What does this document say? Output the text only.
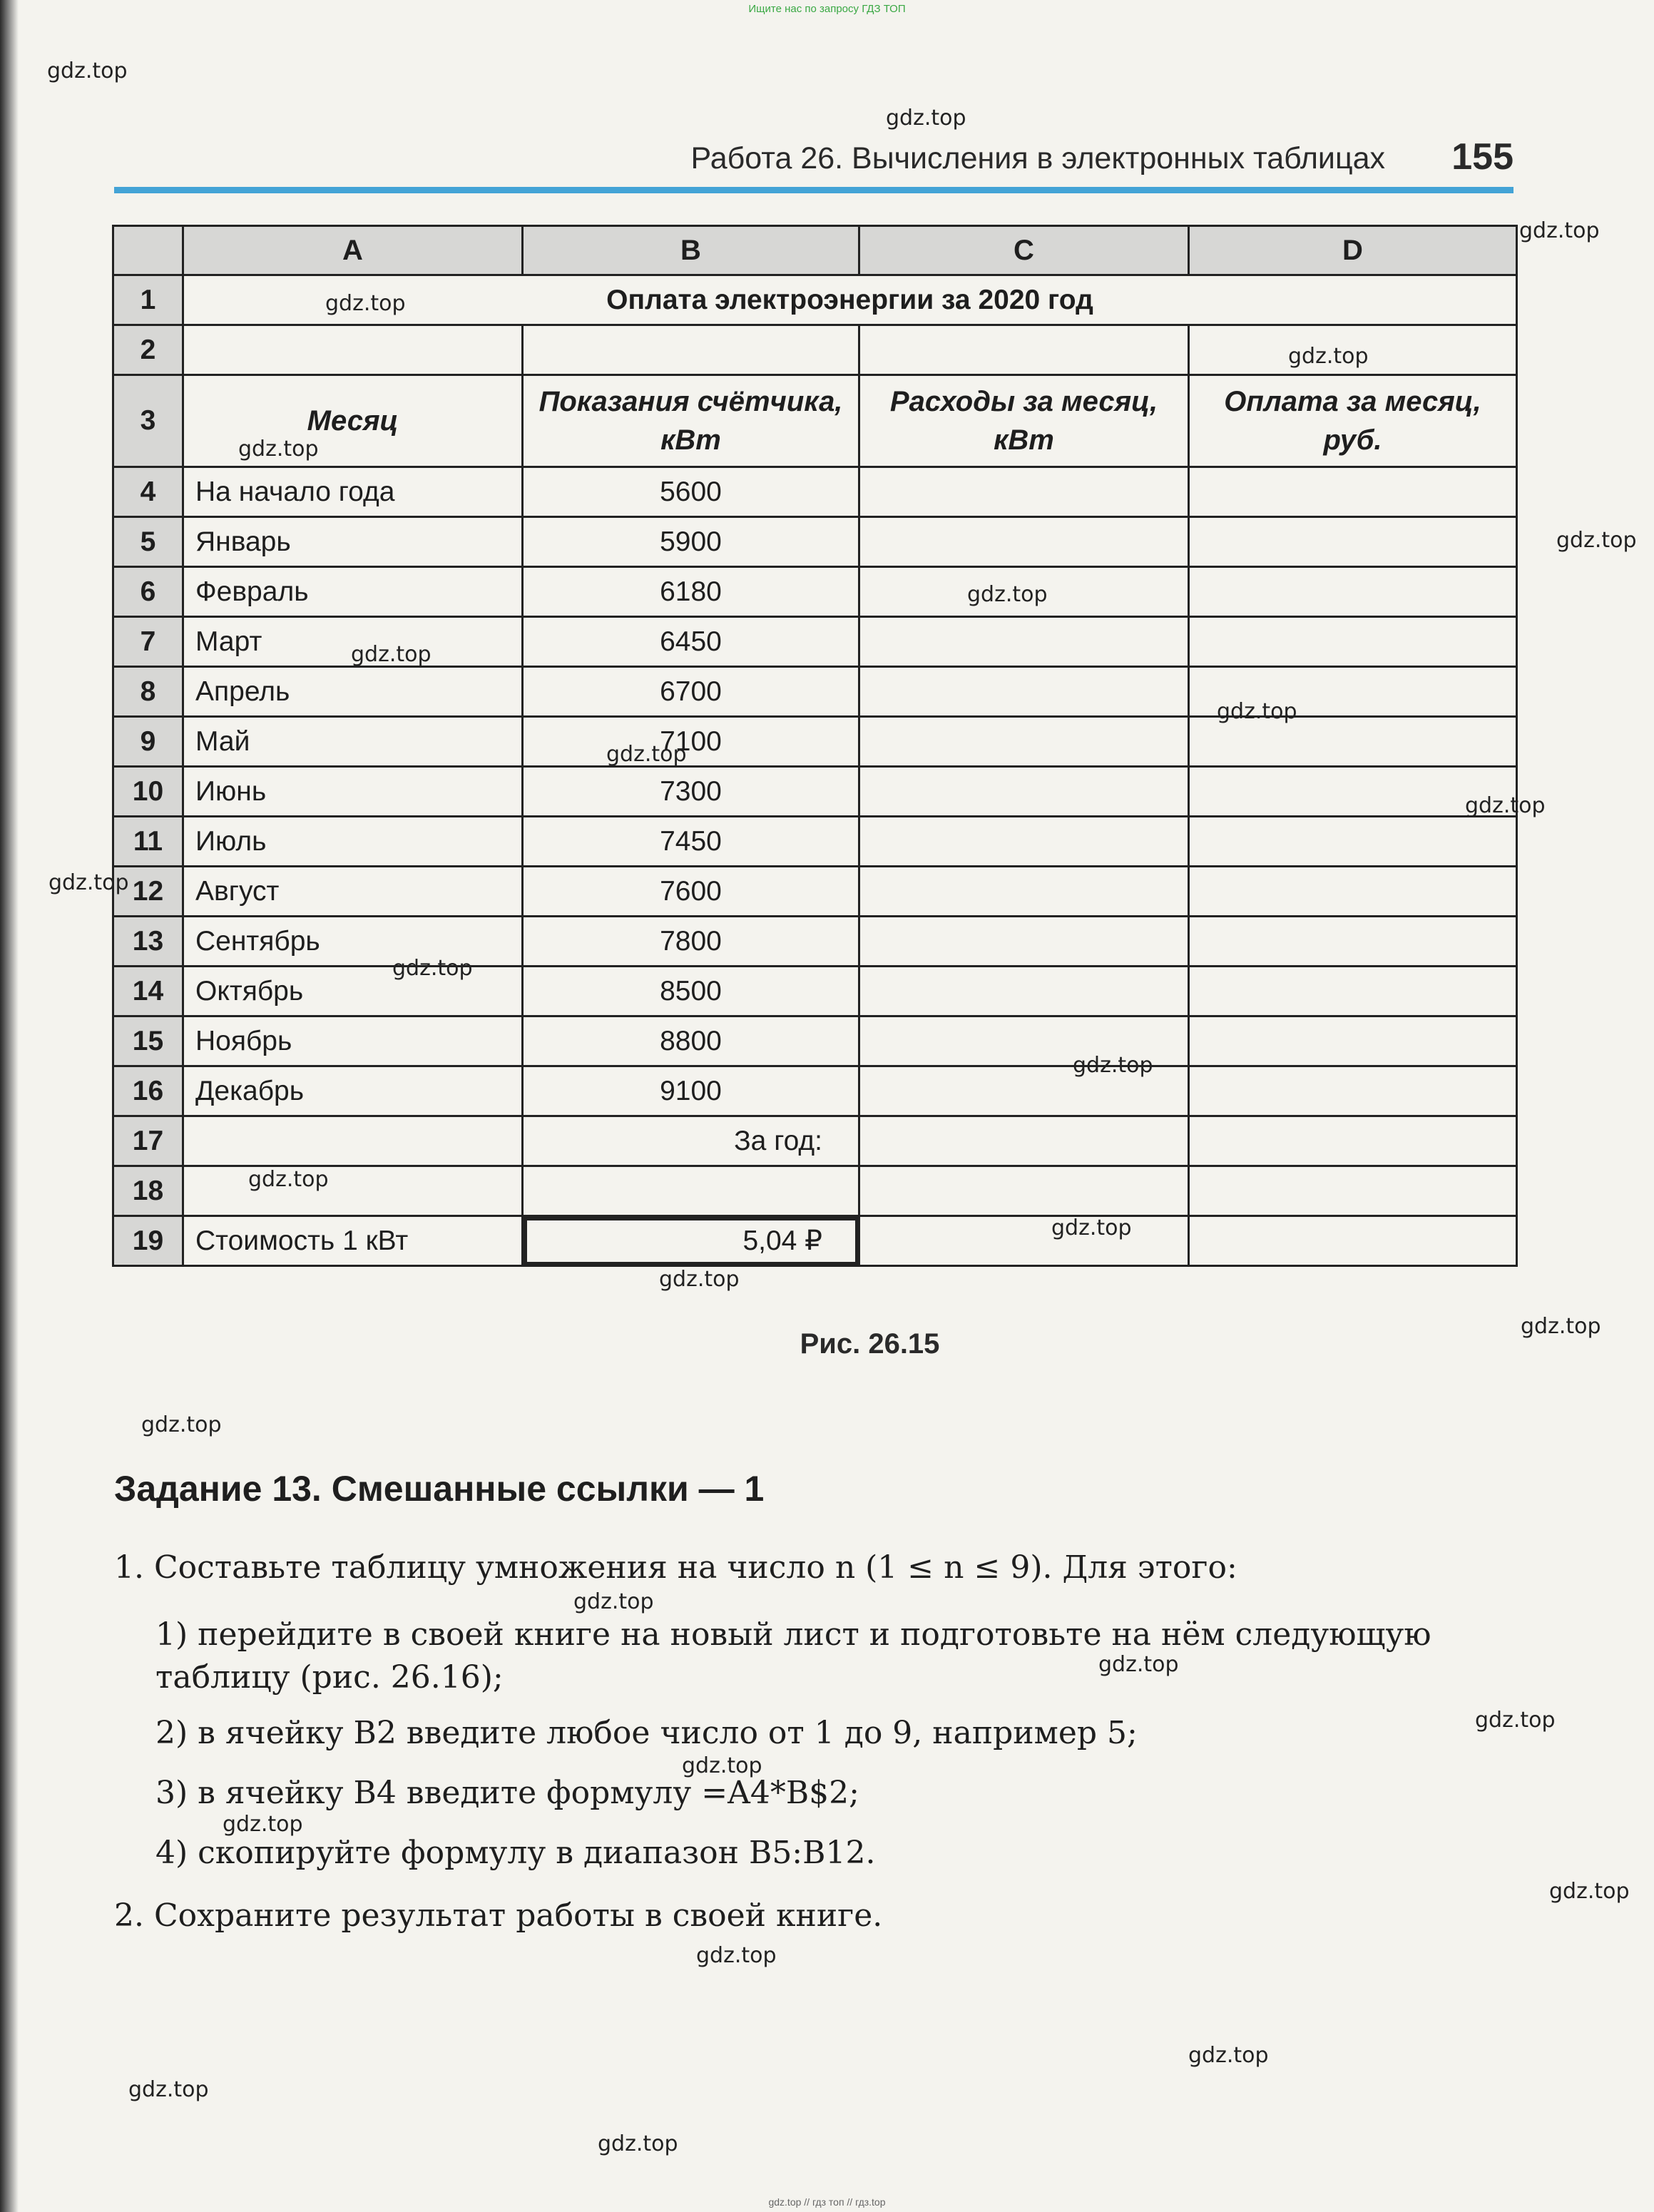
Ищите нас по запросу ГДЗ ТОП
Работа 26. Вычисления в электронных таблицах 155
	A	B	C	D
1	Оплата электроэнергии за 2020 год			
2				
3	Месяц	Показания счётчика, кВт	Расходы за месяц, кВт	Оплата за месяц, руб.
4	На начало года	5600		
5	Январь	5900		
6	Февраль	6180		
7	Март	6450		
8	Апрель	6700		
9	Май	7100		
10	Июнь	7300		
11	Июль	7450		
12	Август	7600		
13	Сентябрь	7800		
14	Октябрь	8500		
15	Ноябрь	8800		
16	Декабрь	9100		
17		За год:		
18				
19	Стоимость 1 кВт	5,04 ₽		
Рис. 26.15
Задание 13. Смешанные ссылки — 1
1. Составьте таблицу умножения на число n (1 ≤ n ≤ 9). Для этого:
1) перейдите в своей книге на новый лист и подготовьте на нём следующую таблицу (рис. 26.16);
2) в ячейку B2 введите любое число от 1 до 9, например 5;
3) в ячейку B4 введите формулу =A4*B$2;
4) скопируйте формулу в диапазон B5:B12.
2. Сохраните результат работы в своей книге.
gdz.top
gdz.top
gdz.top
gdz.top
gdz.top
gdz.top
gdz.top
gdz.top
gdz.top
gdz.top
gdz.top
gdz.top
gdz.top
gdz.top
gdz.top
gdz.top
gdz.top
gdz.top
gdz.top
gdz.top
gdz.top
gdz.top
gdz.top
gdz.top
gdz.top
gdz.top
gdz.top
gdz.top
gdz.top
gdz.top
gdz.top // гдз топ // гдз.top
